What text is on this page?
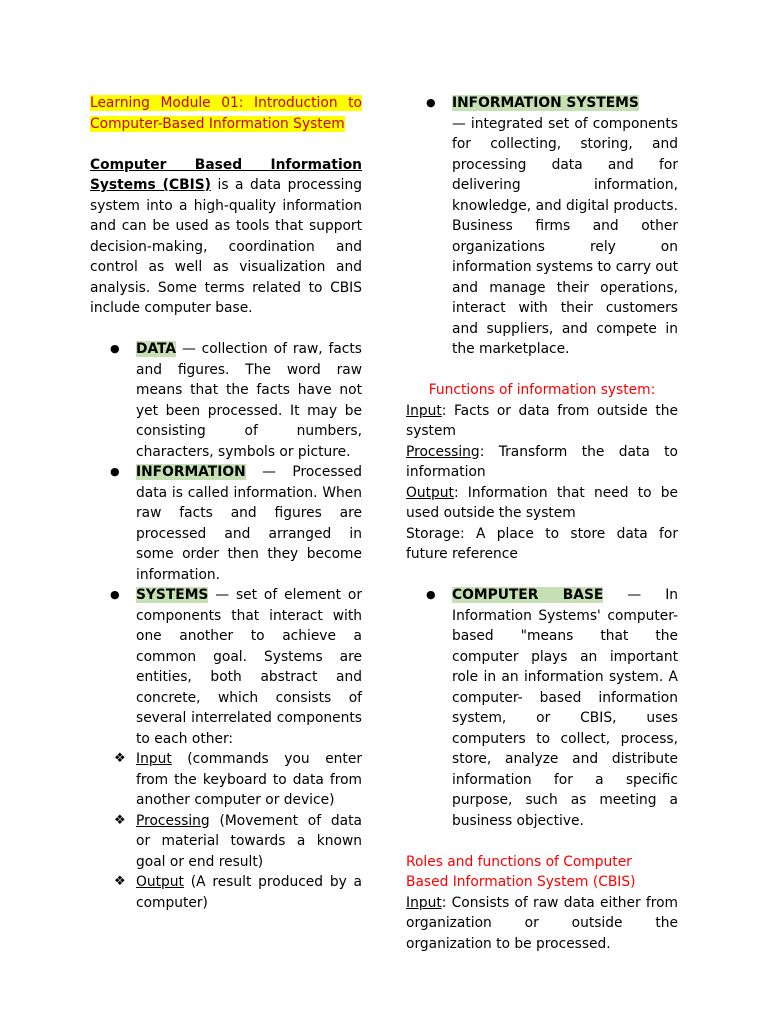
Learning Module 01: Introduction to Computer-Based Information System

Computer Based Information Systems (CBIS) is a data processing system into a high-quality information and can be used as tools that support decision-making, coordination and control as well as visualization and analysis. Some terms related to CBIS include computer base.

● DATA — collection of raw, facts and figures. The word raw means that the facts have not yet been processed. It may be consisting of numbers, characters, symbols or picture.

● INFORMATION — Processed data is called information. When raw facts and figures are processed and arranged in some order then they become information.

● SYSTEMS — set of element or components that interact with one another to achieve a common goal. Systems are entities, both abstract and concrete, which consists of several interrelated components to each other:

❖ Input (commands you enter from the keyboard to data from another computer or device)

❖ Processing (Movement of data or material towards a known goal or end result)

❖ Output (A result produced by a computer)

● INFORMATION SYSTEMS

— integrated set of components for collecting, storing, and processing data and for delivering information, knowledge, and digital products. Business firms and other organizations rely on information systems to carry out and manage their operations, interact with their customers and suppliers, and compete in the marketplace.

Functions of information system:

Input: Facts or data from outside the system

Processing: Transform the data to information

Output: Information that need to be used outside the system

Storage: A place to store data for future reference

● COMPUTER BASE — In Information Systems' computer-based "means that the computer plays an important role in an information system. A computer- based information system, or CBIS, uses computers to collect, process, store, analyze and distribute information for a specific purpose, such as meeting a business objective.

Roles and functions of Computer Based Information System (CBIS)

Input: Consists of raw data either from organization or outside the organization to be processed.
